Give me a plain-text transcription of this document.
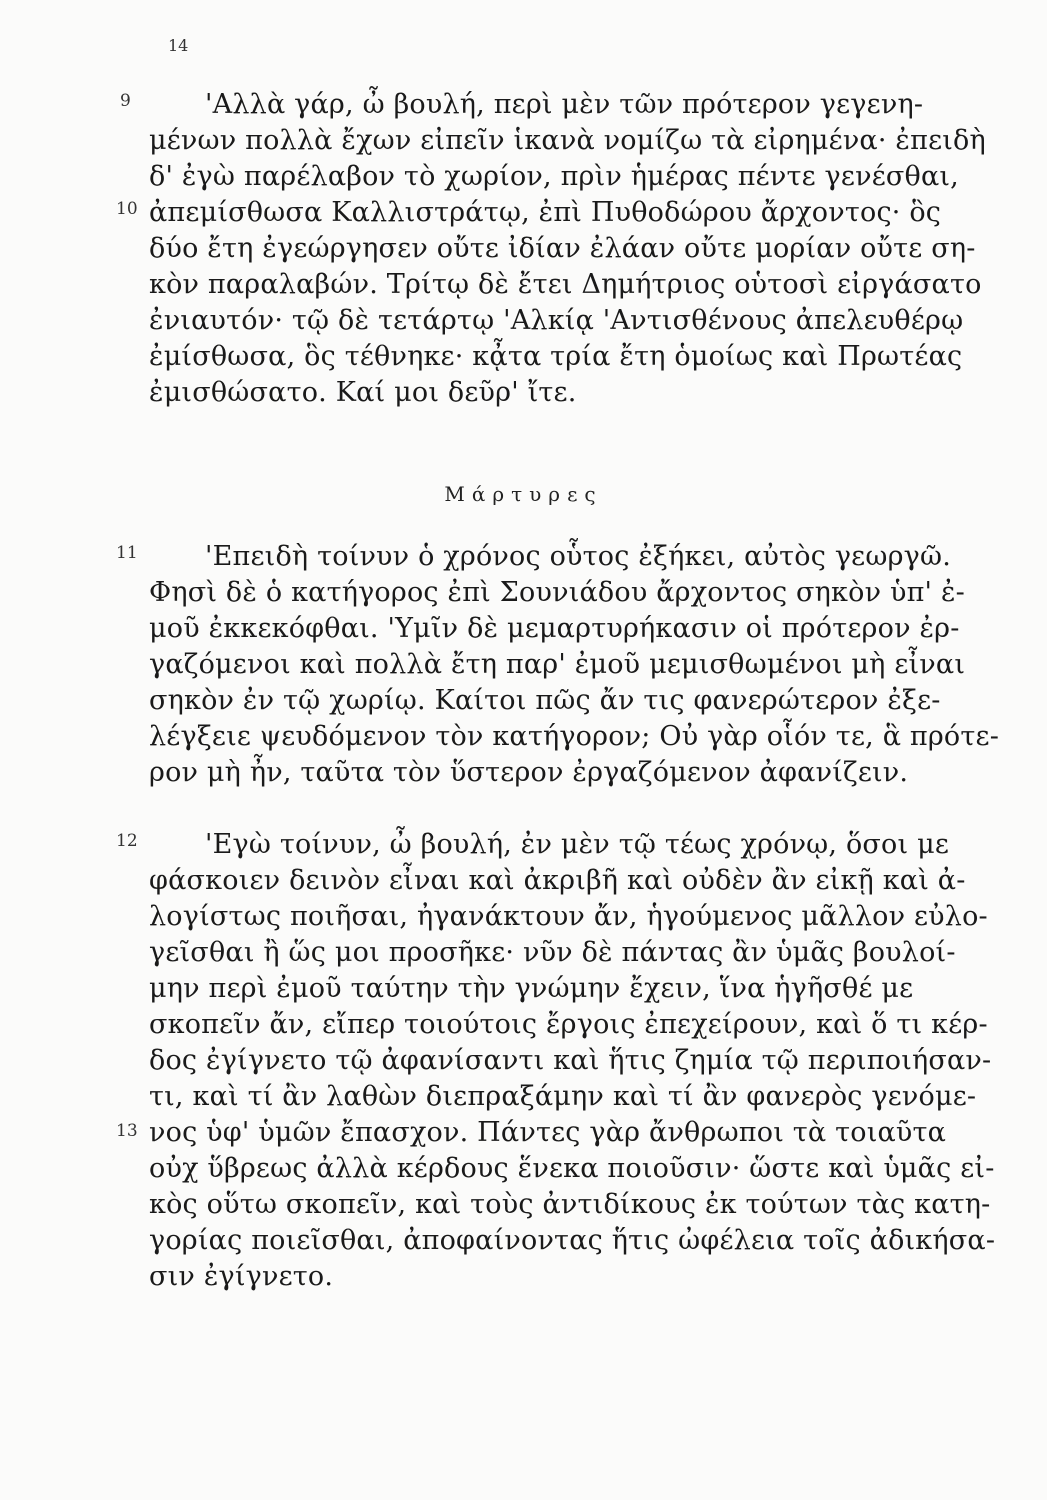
14
9
10
11
12
13
'Αλλὰ γάρ, ὦ βουλή, περὶ μὲν τῶν πρότερον γεγενη-
μένων πολλὰ ἔχων εἰπεῖν ἱκανὰ νομίζω τὰ εἰρημένα· ἐπειδὴ
δ' ἐγὼ παρέλαβον τὸ χωρίον, πρὶν ἡμέρας πέντε γενέσθαι,
ἀπεμίσθωσα Καλλιστράτῳ, ἐπὶ Πυθοδώρου ἄρχοντος· ὃς
δύο ἔτη ἐγεώργησεν οὔτε ἰδίαν ἐλάαν οὔτε μορίαν οὔτε ση-
κὸν παραλαβών. Τρίτῳ δὲ ἔτει Δημήτριος οὑτοσὶ εἰργάσατο
ἐνιαυτόν· τῷ δὲ τετάρτῳ 'Αλκίᾳ 'Αντισθένους ἀπελευθέρῳ
ἐμίσθωσα, ὃς τέθνηκε· κᾆτα τρία ἔτη ὁμοίως καὶ Πρωτέας
ἐμισθώσατο. Καί μοι δεῦρ' ἴτε.
Μάρτυρες
'Επειδὴ τοίνυν ὁ χρόνος οὗτος ἐξήκει, αὐτὸς γεωργῶ.
Φησὶ δὲ ὁ κατήγορος ἐπὶ Σουνιάδου ἄρχοντος σηκὸν ὑπ' ἐ-
μοῦ ἐκκεκόφθαι. 'Υμῖν δὲ μεμαρτυρήκασιν οἱ πρότερον ἐρ-
γαζόμενοι καὶ πολλὰ ἔτη παρ' ἐμοῦ μεμισθωμένοι μὴ εἶναι
σηκὸν ἐν τῷ χωρίῳ. Καίτοι πῶς ἄν τις φανερώτερον ἐξε-
λέγξειε ψευδόμενον τὸν κατήγορον; Οὐ γὰρ οἷόν τε, ἃ πρότε-
ρον μὴ ἦν, ταῦτα τὸν ὕστερον ἐργαζόμενον ἀφανίζειν.
'Εγὼ τοίνυν, ὦ βουλή, ἐν μὲν τῷ τέως χρόνῳ, ὅσοι με
φάσκοιεν δεινὸν εἶναι καὶ ἀκριβῆ καὶ οὐδὲν ἂν εἰκῇ καὶ ἀ-
λογίστως ποιῆσαι, ἠγανάκτουν ἄν, ἡγούμενος μᾶλλον εὐλο-
γεῖσθαι ἢ ὥς μοι προσῆκε· νῦν δὲ πάντας ἂν ὑμᾶς βουλοί-
μην περὶ ἐμοῦ ταύτην τὴν γνώμην ἔχειν, ἵνα ἡγῆσθέ με
σκοπεῖν ἄν, εἴπερ τοιούτοις ἔργοις ἐπεχείρουν, καὶ ὅ τι κέρ-
δος ἐγίγνετο τῷ ἀφανίσαντι καὶ ἥτις ζημία τῷ περιποιήσαν-
τι, καὶ τί ἂν λαθὼν διεπραξάμην καὶ τί ἂν φανερὸς γενόμε-
νος ὑφ' ὑμῶν ἔπασχον. Πάντες γὰρ ἄνθρωποι τὰ τοιαῦτα
οὐχ ὕβρεως ἀλλὰ κέρδους ἕνεκα ποιοῦσιν· ὥστε καὶ ὑμᾶς εἰ-
κὸς οὕτω σκοπεῖν, καὶ τοὺς ἀντιδίκους ἐκ τούτων τὰς κατη-
γορίας ποιεῖσθαι, ἀποφαίνοντας ἥτις ὠφέλεια τοῖς ἀδικήσα-
σιν ἐγίγνετο.
